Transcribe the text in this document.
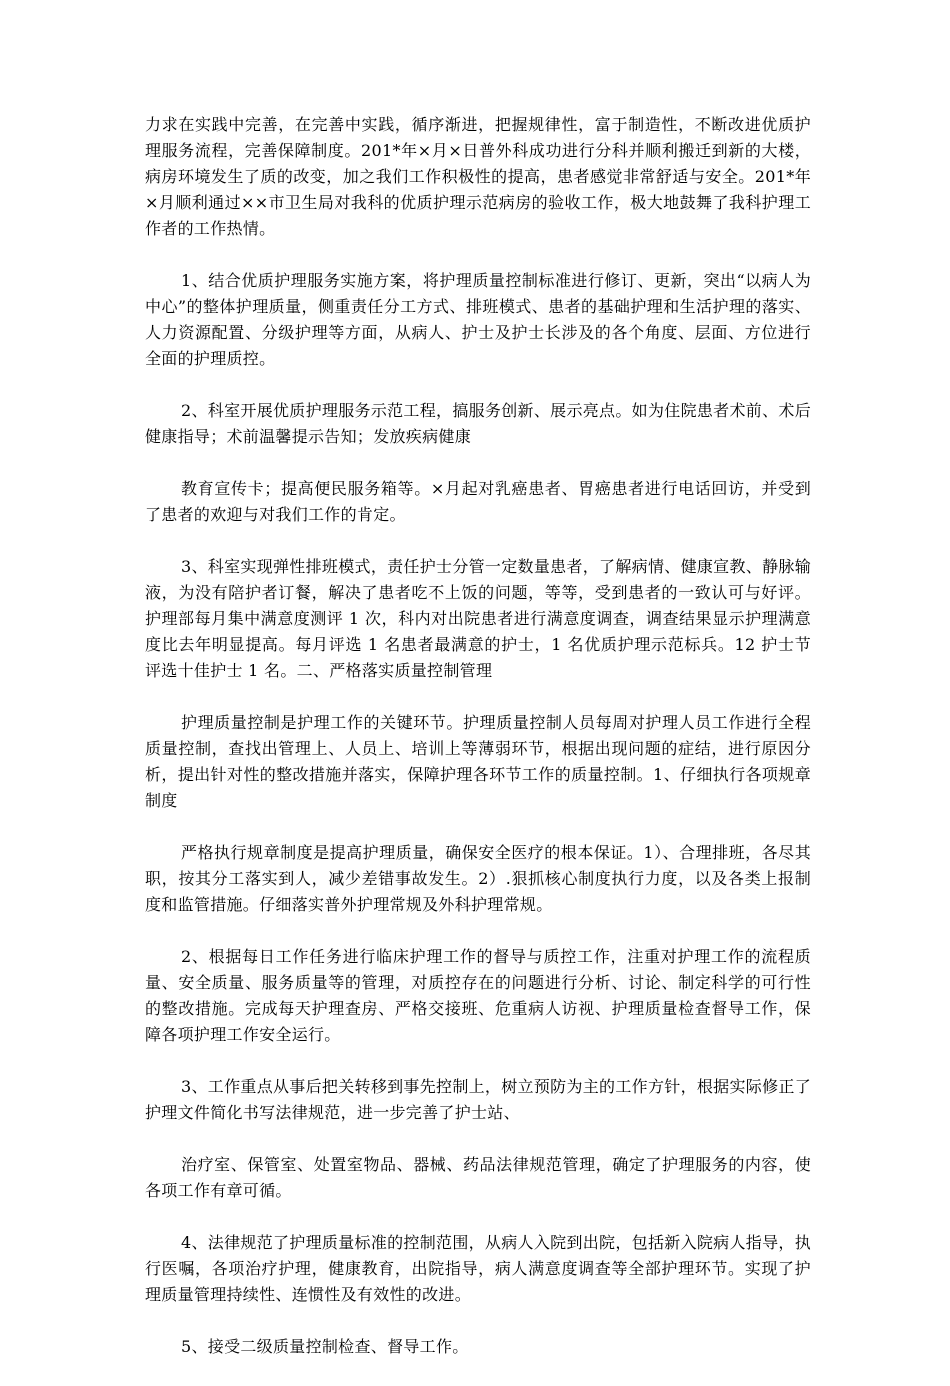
力求在实践中完善，在完善中实践，循序渐进，把握规律性，富于制造性，不断改进优质护理服务流程，完善保障制度。201*年×月×日普外科成功进行分科并顺利搬迁到新的大楼，病房环境发生了质的改变，加之我们工作积极性的提高，患者感觉非常舒适与安全。201*年×月顺利通过××市卫生局对我科的优质护理示范病房的验收工作，极大地鼓舞了我科护理工作者的工作热情。

1、结合优质护理服务实施方案，将护理质量控制标准进行修订、更新，突出“以病人为中心”的整体护理质量，侧重责任分工方式、排班模式、患者的基础护理和生活护理的落实、人力资源配置、分级护理等方面，从病人、护士及护士长涉及的各个角度、层面、方位进行全面的护理质控。

2、科室开展优质护理服务示范工程，搞服务创新、展示亮点。如为住院患者术前、术后健康指导；术前温馨提示告知；发放疾病健康

教育宣传卡；提高便民服务箱等。×月起对乳癌患者、胃癌患者进行电话回访，并受到了患者的欢迎与对我们工作的肯定。

3、科室实现弹性排班模式，责任护士分管一定数量患者，了解病情、健康宣教、静脉输液，为没有陪护者订餐，解决了患者吃不上饭的问题，等等，受到患者的一致认可与好评。护理部每月集中满意度测评 1 次，科内对出院患者进行满意度调查，调查结果显示护理满意度比去年明显提高。每月评选 1 名患者最满意的护士，1 名优质护理示范标兵。12 护士节评选十佳护士 1 名。二、严格落实质量控制管理

护理质量控制是护理工作的关键环节。护理质量控制人员每周对护理人员工作进行全程质量控制，查找出管理上、人员上、培训上等薄弱环节，根据出现问题的症结，进行原因分析，提出针对性的整改措施并落实，保障护理各环节工作的质量控制。1、仔细执行各项规章制度

严格执行规章制度是提高护理质量，确保安全医疗的根本保证。1）、合理排班，各尽其职，按其分工落实到人，减少差错事故发生。2）.狠抓核心制度执行力度，以及各类上报制度和监管措施。仔细落实普外护理常规及外科护理常规。

2、根据每日工作任务进行临床护理工作的督导与质控工作，注重对护理工作的流程质量、安全质量、服务质量等的管理，对质控存在的问题进行分析、讨论、制定科学的可行性的整改措施。完成每天护理查房、严格交接班、危重病人访视、护理质量检查督导工作，保障各项护理工作安全运行。

3、工作重点从事后把关转移到事先控制上，树立预防为主的工作方针，根据实际修正了护理文件简化书写法律规范，进一步完善了护士站、

治疗室、保管室、处置室物品、器械、药品法律规范管理，确定了护理服务的内容，使各项工作有章可循。

4、法律规范了护理质量标准的控制范围，从病人入院到出院，包括新入院病人指导，执行医嘱，各项治疗护理，健康教育，出院指导，病人满意度调查等全部护理环节。实现了护理质量管理持续性、连惯性及有效性的改进。

5、接受二级质量控制检查、督导工作。
